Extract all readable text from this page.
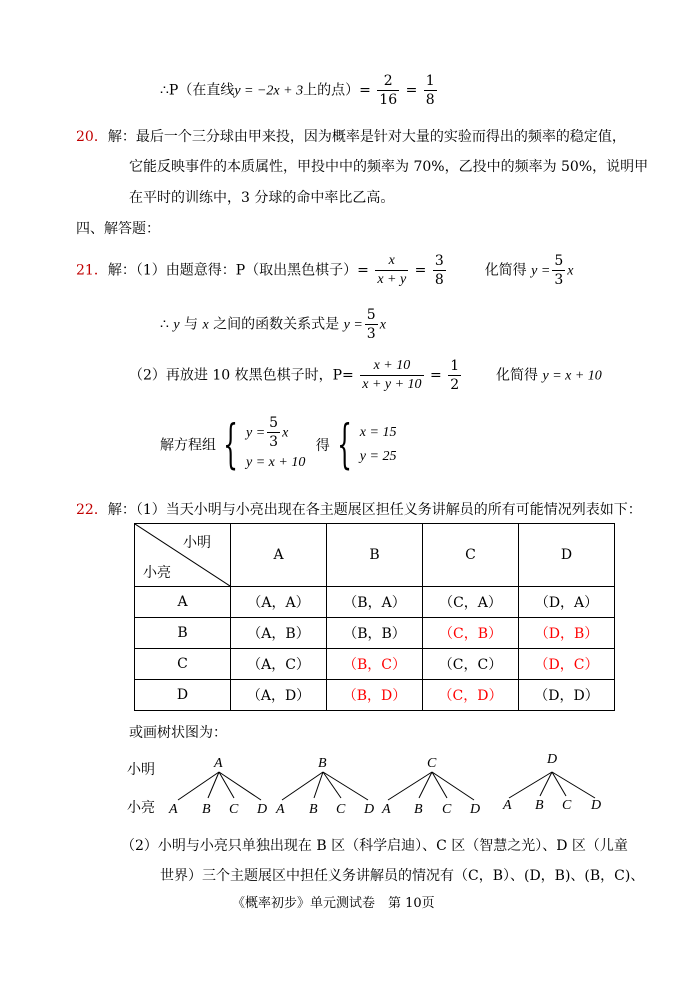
∴P（在直线y = −2x + 3上的点）= $\frac{2}{16} = \frac{1}{8}$
20．解：最后一个三分球由甲来投，因为概率是针对大量的实验而得出的频率的稳定值，
它能反映事件的本质属性，甲投中中的频率为 70%，乙投中的频率为 50%，说明甲
在平时的训练中，3 分球的命中率比乙高。
四、解答题：
21．解：（1）由题意得：P（取出黑色棋子）= $\frac{x}{x + y} = \frac{3}{8}$	化简得 $y = \frac{5}{3}$ x
∴ y 与 x 之间的函数关系式是 $y = \frac{5}{3}$ x
（2）再放进 10 枚黑色棋子时，$P= \frac{x + 10}{x + y + 10} = \frac{1}{2}$ 化简得 y = x + 10
解方程组 { $y = \frac{5}{3}$ x
y = x + 10
得 { x = 15
y = 25
22．解：（1）当天小明与小亮出现在各主题展区担任义务讲解员的所有可能情况列表如下：
小明
小亮	A	B	C	D
A	（A，A）	（B，A）	（C，A）	（D，A）
B	（A，B）	（B，B）	（C，B）	（D，B）
C	（A，C）	（B，C）	（C，C）	（D，C）
D	（A，D）	（B，D）	（C，D）	（D，D）
或画树状图为：
小明
小亮
A	B	C	D
A B C D A B C D A B C D A B C D
（2）小明与小亮只单独出现在 B 区（科学启迪）、C 区（智慧之光）、D 区（儿童
世界）三个主题展区中担任义务讲解员的情况有（C，B）、(D，B)、(B，C)、
《概率初步》单元测试卷　第 10页
